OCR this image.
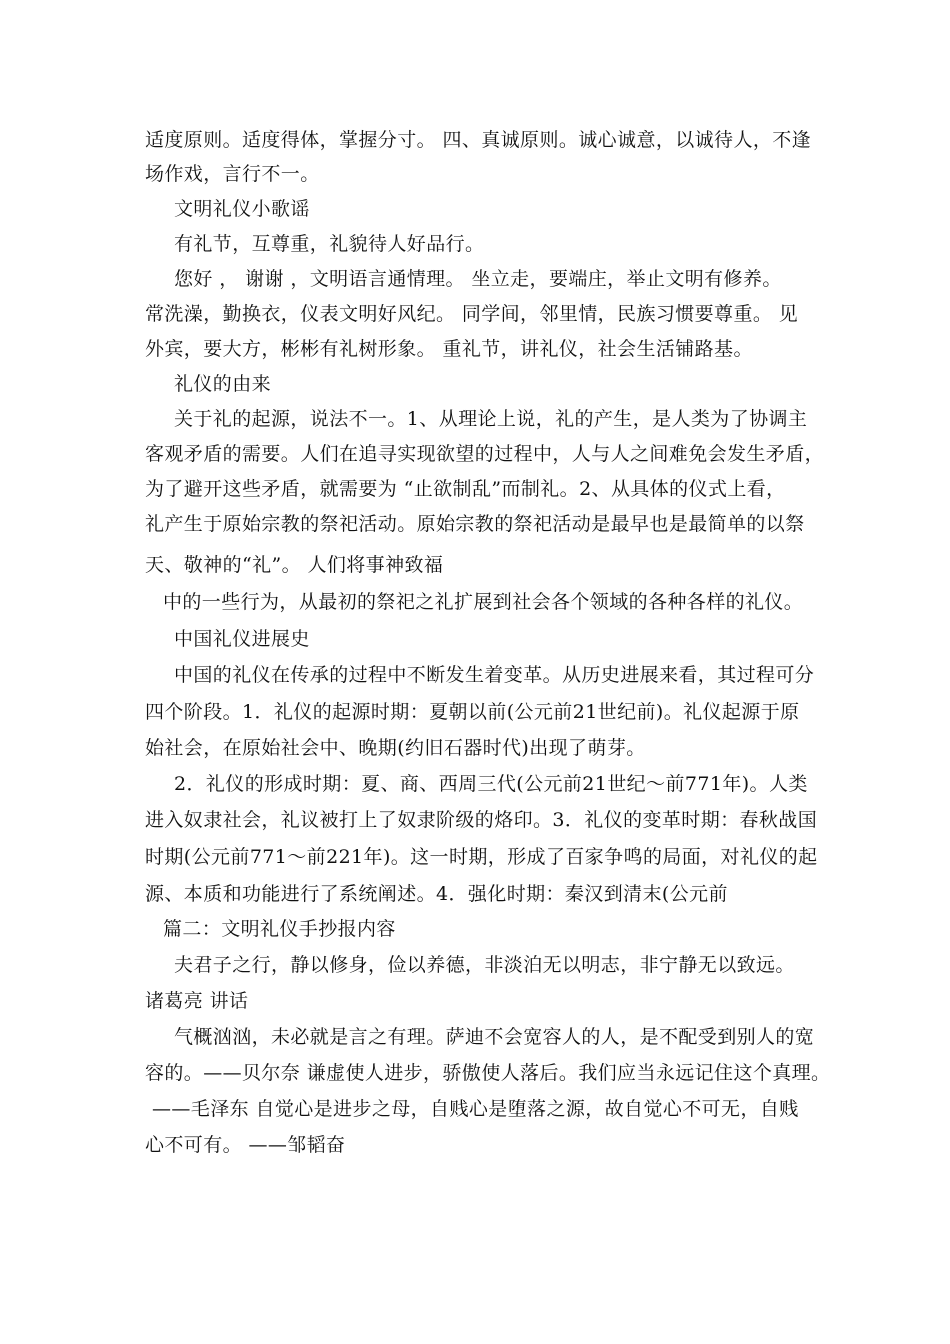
适度原则。适度得体，掌握分寸。 四、真诚原则。诚心诚意，以诚待人，不逢
场作戏，言行不一。
文明礼仪小歌谣
有礼节，互尊重，礼貌待人好品行。
您好 ， 谢谢 ，文明语言通情理。 坐立走，要端庄，举止文明有修养。
常洗澡，勤换衣，仪表文明好风纪。 同学间，邻里情，民族习惯要尊重。 见
外宾，要大方，彬彬有礼树形象。 重礼节，讲礼仪，社会生活铺路基。
礼仪的由来
关于礼的起源，说法不一。1、从理论上说，礼的产生，是人类为了协调主
客观矛盾的需要。人们在追寻实现欲望的过程中，人与人之间难免会发生矛盾，
为了避开这些矛盾，就需要为 “止欲制乱”而制礼。2、从具体的仪式上看，
礼产生于原始宗教的祭祀活动。原始宗教的祭祀活动是最早也是最简单的以祭
天、敬神的“礼”。 人们将事神致福
中的一些行为，从最初的祭祀之礼扩展到社会各个领域的各种各样的礼仪。
中国礼仪进展史
中国的礼仪在传承的过程中不断发生着变革。从历史进展来看，其过程可分
四个阶段。1．礼仪的起源时期：夏朝以前(公元前21世纪前)。礼仪起源于原
始社会，在原始社会中、晚期(约旧石器时代)出现了萌芽。
2．礼仪的形成时期：夏、商、西周三代(公元前21世纪～前771年)。人类
进入奴隶社会，礼议被打上了奴隶阶级的烙印。3．礼仪的变革时期：春秋战国
时期(公元前771～前221年)。这一时期，形成了百家争鸣的局面，对礼仪的起
源、本质和功能进行了系统阐述。4．强化时期：秦汉到清末(公元前
篇二：文明礼仪手抄报内容
夫君子之行，静以修身，俭以养德，非淡泊无以明志，非宁静无以致远。
诸葛亮 讲话
气概汹汹，未必就是言之有理。萨迪不会宽容人的人，是不配受到别人的宽
容的。——贝尔奈 谦虚使人进步，骄傲使人落后。我们应当永远记住这个真理。
——毛泽东 自觉心是进步之母，自贱心是堕落之源，故自觉心不可无，自贱
心不可有。 ——邹韬奋
